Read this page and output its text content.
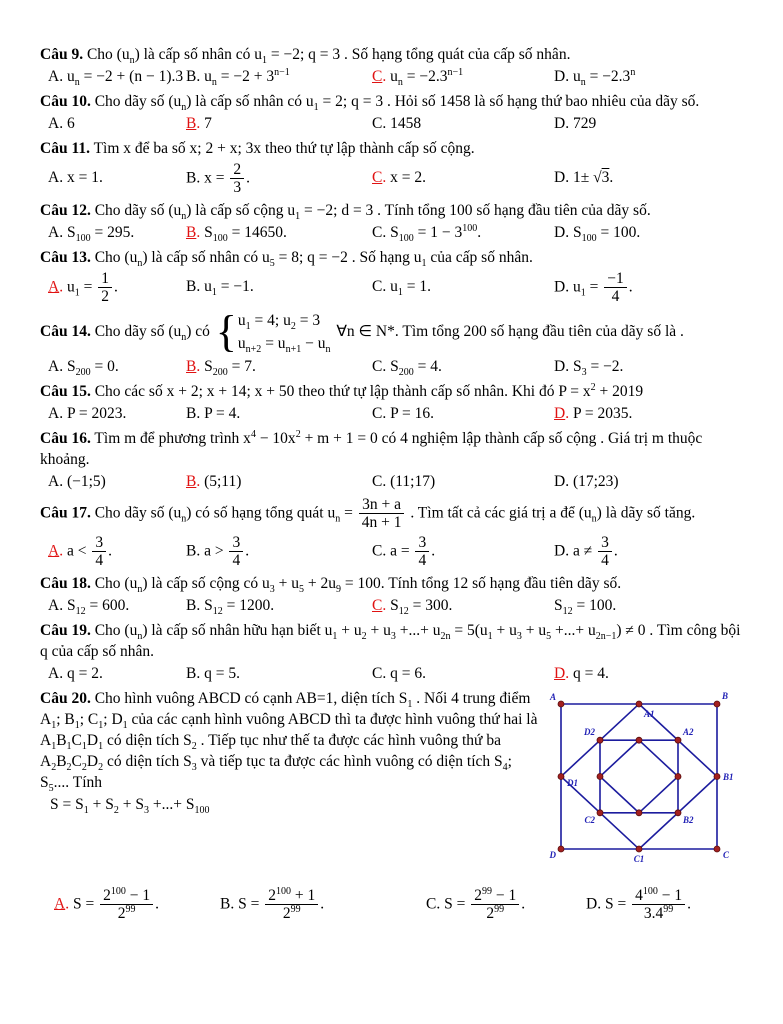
Câu 9. Cho $(u_n)$ là cấp số nhân có $u_1 = -2$; q = 3 . Số hạng tổng quát của cấp số nhân.
A. $u_n = -2 + (n - 1).3$ B. $u_n = -2 + 3^{n-1}$	C. $u_n = -2.3^{n-1}$	D. $u_n = -2.3^n$
Câu 10. Cho dãy số $(u_n)$ là cấp số nhân có $u_1 = 2$; q = 3 . Hỏi số 1458 là số hạng thứ bao nhiêu của dãy số.
A. 6	B. 7	C. 1458	D. 729
Câu 11. Tìm x để ba số x; 2 + x; 3x theo thứ tự lập thành cấp số cộng.
A. x = 1.	B. $x = \frac{2}{3}$ .	C. x = 2.	D. 1± √3.
Câu 12. Cho dãy số $(u_n)$ là cấp số cộng $u_1 = -2$; d = 3 . Tính tổng 100 số hạng đầu tiên của dãy số.
A. $S_{100} = 295$.	B. $S_{100} = 14650$.	C. $S_{100} = 1 - 3^{100}$.	D. $S_{100} = 100$.
Câu 13. Cho $(u_n)$ là cấp số nhân có $u_5 = 8$; q = −2 . Số hạng $u_1$ của cấp số nhân.
A. $u_1 = \frac{1}{2}$ .	B. $u_1 = -1$.	C. $u_1 = 1$.	D. $u_1 = \frac{-1}{4}$ .
Câu 14. Cho dãy số $(u_n)$ có { $u_1 = 4$; $u_2 = 3$
$u_{n+2} = u_{n+1} - u_n$
∀n ∈ N*. Tìm tổng 200 số hạng đầu tiên của dãy số là .
A. $S_{200} = 0$.	B. $S_{200} = 7$.	C. $S_{200} = 4$.	D. $S_3 = -2$.
Câu 15. Cho các số x + 2; x + 14; x + 50 theo thứ tự lập thành cấp số nhân. Khi đó $P = x^2 + 2019$
A. P = 2023.	B. P = 4.	C. P = 16.	D. P = 2035.
Câu 16. Tìm m để phương trình $x^4 - 10x^2 + m + 1 = 0$ có 4 nghiệm lập thành cấp số cộng . Giá trị m thuộc khoảng.
A. (−1;5)	B. (5;11)	C. (11;17)	D. (17;23)
Câu 17. Cho dãy số $(u_n)$ có số hạng tổng quát $u_n = \frac{3n + a}{4n + 1}$ . Tìm tất cả các giá trị a để $(u_n)$ là dãy số tăng.
A. $a < \frac{3}{4}$ .	B. $a > \frac{3}{4}$ .	C. $a = \frac{3}{4}$ .	D. $a \ne \frac{3}{4}$ .
Câu 18. Cho $(u_n)$ là cấp số cộng có $u_3 + u_5 + 2u_9 = 100$. Tính tổng 12 số hạng đầu tiên dãy số.
A. $S_{12} = 600$.	B. $S_{12} = 1200$.	C. $S_{12} = 300$.	$S_{12} = 100$.
Câu 19. Cho $(u_n)$ là cấp số nhân hữu hạn biết $u_1 + u_2 + u_3$ +...+ $u_{2n} = 5(u_1 + u_3 + u_5$ +...+ $u_{2n-1}) \ne 0$ . Tìm công bội q của cấp số nhân.
A. q = 2.	B. q = 5.	C. q = 6.	D. q = 4.
A	B
C
D
A1
B1
C1
D1
D2	A2
B2
C2
Câu 20. Cho hình vuông ABCD có cạnh AB=1, diện tích $S_1$ . Nối 4 trung điểm $A_1$; $B_1$; $C_1$; $D_1$ của các cạnh hình vuông ABCD thì ta được hình vuông thứ hai là $A_1B_1C_1D_1$ có diện tích $S_2$ . Tiếp tục như thế ta được các hình vuông thứ ba $A_2B_2C_2D_2$ có diện tích $S_3$ và tiếp tục ta được các hình vuông có diện tích $S_4$; $S_5$.... Tính
$S = S_1 + S_2 + S_3$ +...+ $S_{100}$
A. $S = \frac{2^{100} - 1}{2^{99}}$ .	B. $S = \frac{2^{100} + 1}{2^{99}}$ .	C. $S = \frac{2^{99} - 1}{2^{99}}$ .	D. $S = \frac{4^{100} - 1}{3.4^{99}}$ .
